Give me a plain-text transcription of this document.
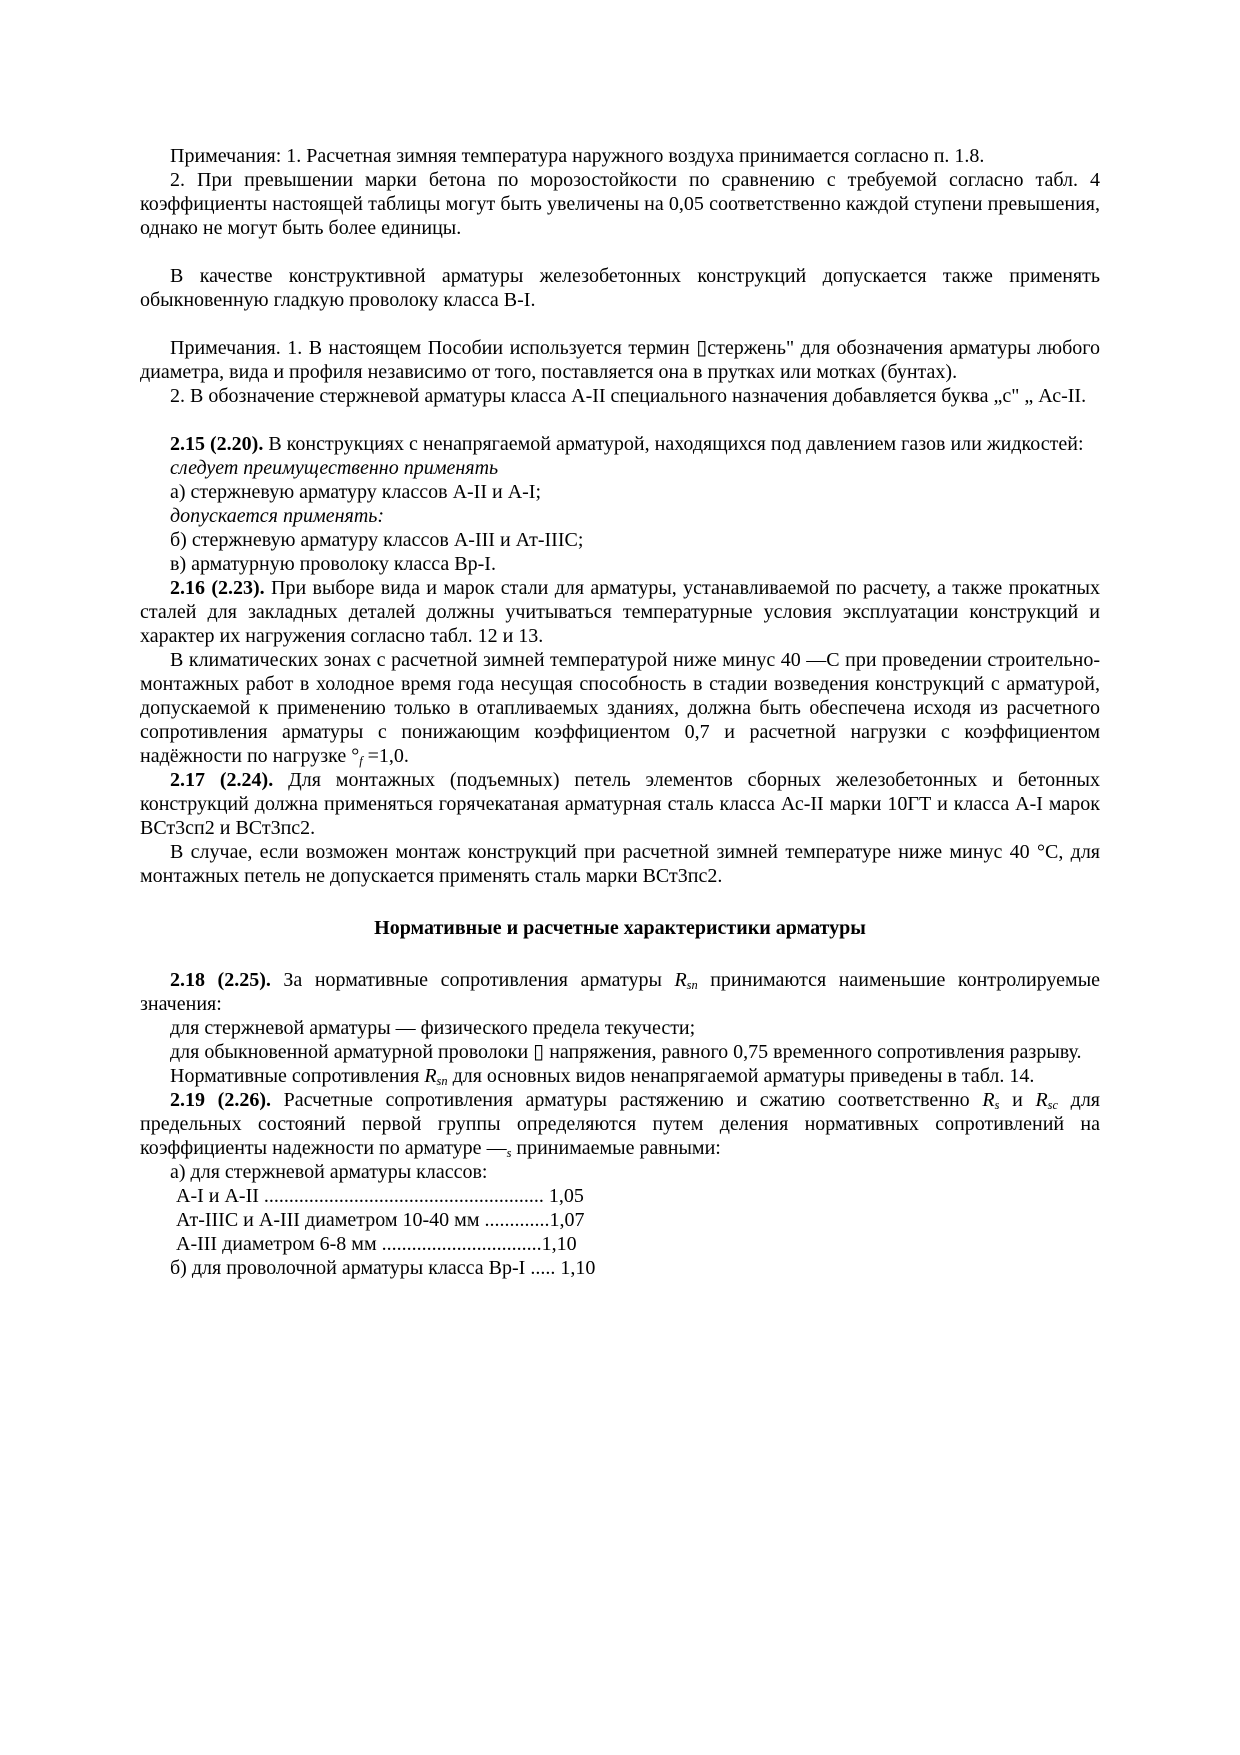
Примечания: 1. Расчетная зимняя температура наружного воздуха принимается согласно п. 1.8.

2. При превышении марки бетона по морозостойкости по сравнению с требуемой согласно табл. 4 коэффициенты настоящей таблицы могут быть увеличены на 0,05 соответственно каждой ступени превышения, однако не могут быть более единицы.

В качестве конструктивной арматуры железобетонных конструкций допускается также применять обыкновенную гладкую проволоку класса В-I.

Примечания. 1. В настоящем Пособии используется термин ▯стержень" для обозначения арматуры любого диаметра, вида и профиля независимо от того, поставляется она в прутках или мотках (бунтах).

2. В обозначение стержневой арматуры класса А-II специального назначения добавляется буква „с" „ Ас-II.

2.15 (2.20). В конструкциях с ненапрягаемой арматурой, находящихся под давлением газов или жидкостей:

следует преимущественно применять

а) стержневую арматуру классов А-II и А-I;

допускается применять:

б) стержневую арматуру классов А-III и Ат-IIIС;

в) арматурную проволоку класса Вр-I.

2.16 (2.23). При выборе вида и марок стали для арматуры, устанавливаемой по расчету, а также прокатных сталей для закладных деталей должны учитываться температурные условия эксплуатации конструкций и характер их нагружения согласно табл. 12 и 13.

В климатических зонах с расчетной зимней температурой ниже минус 40 —С при проведении строительно-монтажных работ в холодное время года несущая способность в стадии возведения конструкций с арматурой, допускаемой к применению только в отапливаемых зданиях, должна быть обеспечена исходя из расчетного сопротивления арматуры с понижающим коэффициентом 0,7 и расчетной нагрузки с коэффициентом надёжности по нагрузке $^\circ_f =1,0$.

2.17 (2.24). Для монтажных (подъемных) петель элементов сборных железобетонных и бетонных конструкций должна применяться горячекатаная арматурная сталь класса Ас-II марки 10ГТ и класса А-I марок ВСт3сп2 и ВСт3пс2.

В случае, если возможен монтаж конструкций при расчетной зимней температуре ниже минус 40 °С, для монтажных петель не допускается применять сталь марки ВСт3пс2.

Нормативные и расчетные характеристики арматуры

2.18 (2.25). За нормативные сопротивления арматуры $R_{sn}$ принимаются наименьшие контролируемые значения:

для стержневой арматуры — физического предела текучести;

для обыкновенной арматурной проволоки ▯ напряжения, равного 0,75 временного сопротивления разрыву.

Нормативные сопротивления $R_{sn}$ для основных видов ненапрягаемой арматуры приведены в табл. 14.

2.19 (2.26). Расчетные сопротивления арматуры растяжению и сжатию соответственно $R_s$ и $R_{sc}$ для предельных состояний первой группы определяются путем деления нормативных сопротивлений на коэффициенты надежности по арматуре $—_s$ принимаемые равными:

а) для стержневой арматуры классов:

А-I и А-II ........................................................ 1,05

Ат-IIIС и А-III диаметром 10-40 мм .............1,07

А-III диаметром 6-8 мм ................................1,10

б) для проволочной арматуры класса Вр-I ..... 1,10
